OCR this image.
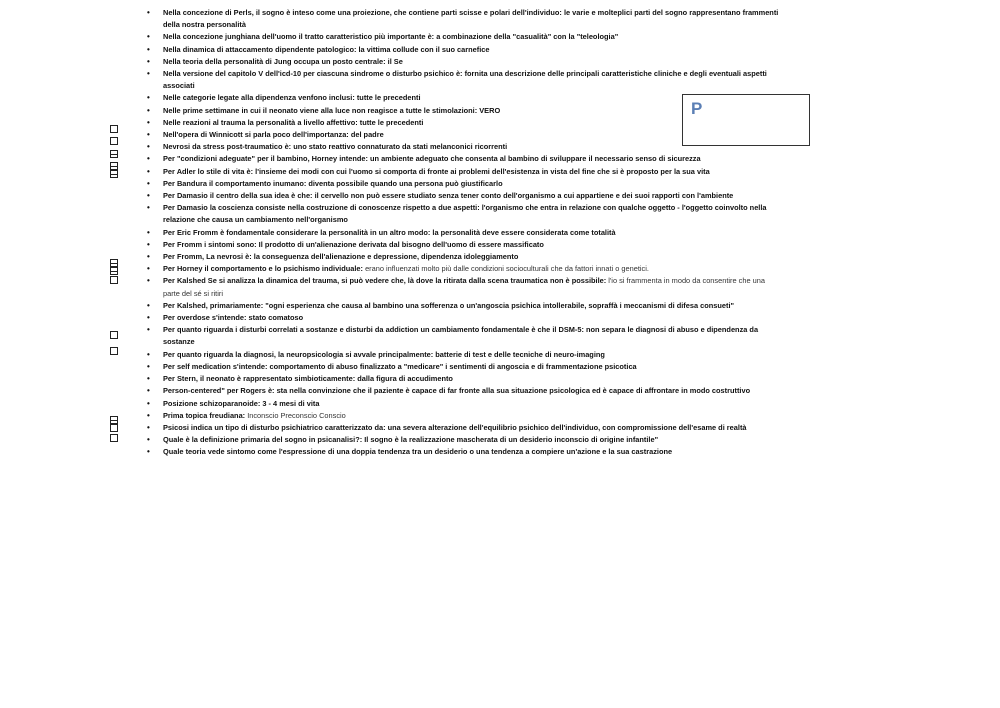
• Nella concezione di Perls, il sogno è inteso come una proiezione, che contiene parti scisse e polari dell'individuo: le varie e molteplici parti del sogno rappresentano frammenti della nostra personalità
• Nella concezione junghiana dell'uomo il tratto caratteristico più importante è: a combinazione della "casualità" con la "teleologia"
• Nella dinamica di attaccamento dipendente patologico: la vittima collude con il suo carnefice
• Nella teoria della personalità di Jung occupa un posto centrale: il Se
• Nella versione del capitolo V dell'icd-10 per ciascuna sindrome o disturbo psichico è: fornita una descrizione delle principali caratteristiche cliniche e degli eventuali aspetti associati
• Nelle categorie legate alla dipendenza venfono inclusi: tutte le precedenti
• Nelle prime settimane in cui il neonato viene alla luce non reagisce a tutte le stimolazioni: VERO
• Nelle reazioni al trauma la personalità a livello affettivo: tutte le precedenti
• Nell'opera di Winnicott si parla poco dell'importanza: del padre
• Nevrosi da stress post-traumatico è: uno stato reattivo connaturato da stati melanconici ricorrenti
• Per "condizioni adeguate" per il bambino, Horney intende: un ambiente adeguato che consenta al bambino di sviluppare il necessario senso di sicurezza
• Per Adler lo stile di vita è: l'insieme dei modi con cui l'uomo si comporta di fronte ai problemi dell'esistenza in vista del fine che si è proposto per la sua vita
• Per Bandura il comportamento inumano: diventa possibile quando una persona può giustificarlo
• Per Damasio il centro della sua idea è che: il cervello non può essere studiato senza tener conto dell'organismo a cui appartiene e dei suoi rapporti con l'ambiente
• Per Damasio la coscienza consiste nella costruzione di conoscenze rispetto a due aspetti: l'organismo che entra in relazione con qualche oggetto - l'oggetto coinvolto nella relazione che causa un cambiamento nell'organismo
• Per Eric Fromm è fondamentale considerare la personalità in un altro modo: la personalità deve essere considerata come totalità
• Per Fromm i sintomi sono: Il prodotto di un'alienazione derivata dal bisogno dell'uomo di essere massificato
• Per Fromm, La nevrosi è: la conseguenza dell'alienazione e depressione, dipendenza idoleggiamento
• Per Horney il comportamento e lo psichismo individuale: erano influenzati molto più dalle condizioni socioculturali che da fattori innati o genetici.
• Per Kalshed Se si analizza la dinamica del trauma, si può vedere che, là dove la ritirata dalla scena traumatica non è possibile: l'io si frammenta in modo da consentire che una parte del sé si ritiri
• Per Kalshed, primariamente: "ogni esperienza che causa al bambino una sofferenza o un'angoscia psichica intollerabile, sopraffà i meccanismi di difesa consueti"
• Per overdose s'intende: stato comatoso
• Per quanto riguarda i disturbi correlati a sostanze e disturbi da addiction un cambiamento fondamentale è che il DSM-5: non separa le diagnosi di abuso e dipendenza da sostanze
• Per quanto riguarda la diagnosi, la neuropsicologia si avvale principalmente: batterie di test e delle tecniche di neuro-imaging
• Per self medication s'intende: comportamento di abuso finalizzato a "medicare" i sentimenti di angoscia e di frammentazione psicotica
• Per Stern, il neonato è rappresentato simbioticamente: dalla figura di accudimento
• Person-centered" per Rogers è: sta nella convinzione che il paziente è capace di far fronte alla sua situazione psicologica ed è capace di affrontare in modo costruttivo
• Posizione schizoparanoide: 3 - 4 mesi di vita
• Prima topica freudiana: Inconscio Preconscio Conscio
• Psicosi indica un tipo di disturbo psichiatrico caratterizzato da: una severa alterazione dell'equilibrio psichico dell'individuo, con compromissione dell'esame di realtà
• Quale è la definizione primaria del sogno in psicanalisi?: Il sogno è la realizzazione mascherata di un desiderio inconscio di origine infantile"
• Quale teoria vede sintomo come l'espressione di una doppia tendenza tra un desiderio o una tendenza a compiere un'azione e la sua castrazione
P
